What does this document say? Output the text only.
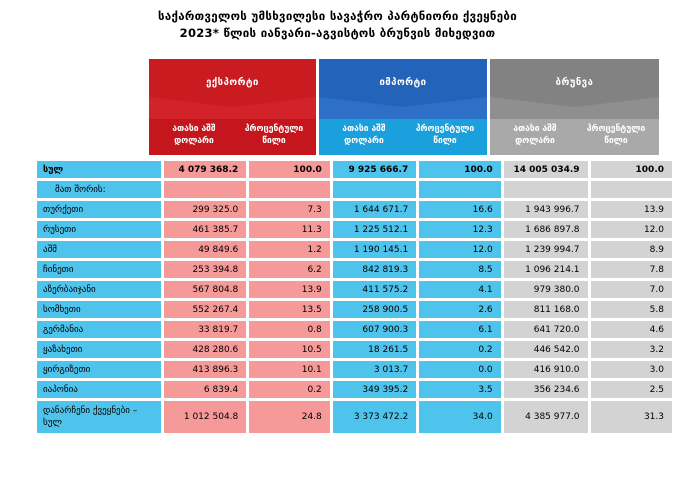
საქართველოს უმსხვილესი სავაჭრო პარტნიორი ქვეყნები
2023* წლის იანვარი-აგვისტოს ბრუნვის მიხედვით
ექსპორტი
ათასი აშშ დოლარი
პროცენტული წილი
იმპორტი
ათასი აშშ დოლარი
პროცენტული წილი
ბრუნვა
ათასი აშშ დოლარი
პროცენტული წილი
სულ	4 079 368.2	100.0	9 925 666.7	100.0	14 005 034.9	100.0
მათ შორის:						
თურქეთი	299 325.0	7.3	1 644 671.7	16.6	1 943 996.7	13.9
რუსეთი	461 385.7	11.3	1 225 512.1	12.3	1 686 897.8	12.0
აშშ	49 849.6	1.2	1 190 145.1	12.0	1 239 994.7	8.9
ჩინეთი	253 394.8	6.2	842 819.3	8.5	1 096 214.1	7.8
აზერბაიჯანი	567 804.8	13.9	411 575.2	4.1	979 380.0	7.0
სომხეთი	552 267.4	13.5	258 900.5	2.6	811 168.0	5.8
გერმანია	33 819.7	0.8	607 900.3	6.1	641 720.0	4.6
ყაზახეთი	428 280.6	10.5	18 261.5	0.2	446 542.0	3.2
ყირგიზეთი	413 896.3	10.1	3 013.7	0.0	416 910.0	3.0
იაპონია	6 839.4	0.2	349 395.2	3.5	356 234.6	2.5
დანარჩენი ქვეყნები – სულ	1 012 504.8	24.8	3 373 472.2	34.0	4 385 977.0	31.3
